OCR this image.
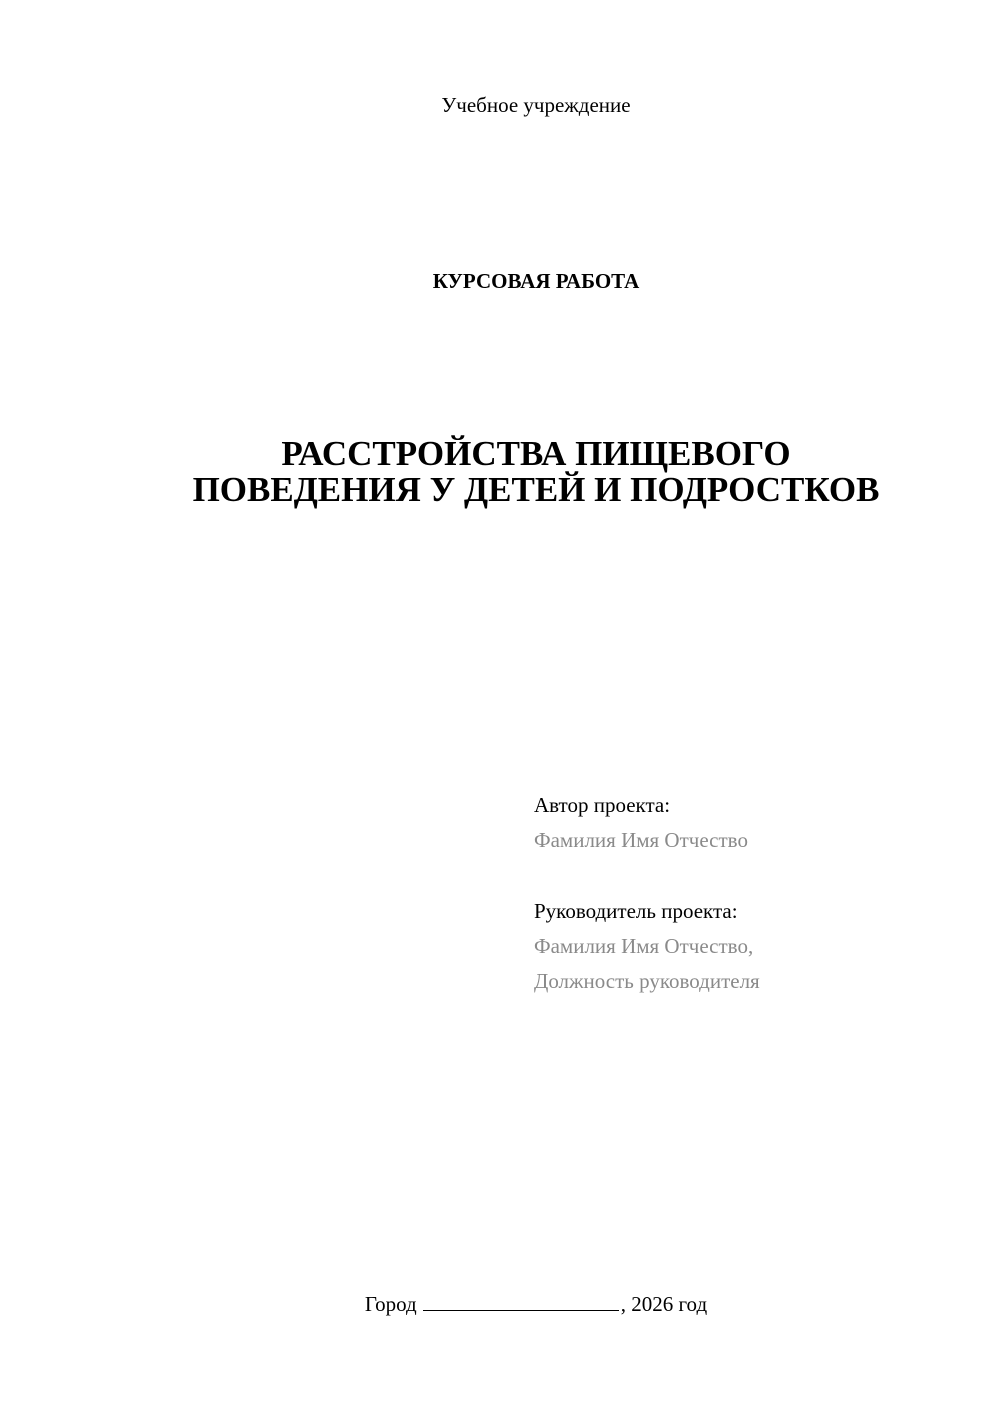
Учебное учреждение
КУРСОВАЯ РАБОТА
РАССТРОЙСТВА ПИЩЕВОГО
ПОВЕДЕНИЯ У ДЕТЕЙ И ПОДРОСТКОВ
Автор проекта:
Фамилия Имя Отчество
Руководитель проекта:
Фамилия Имя Отчество,
Должность руководителя
Город	, 2026 год
